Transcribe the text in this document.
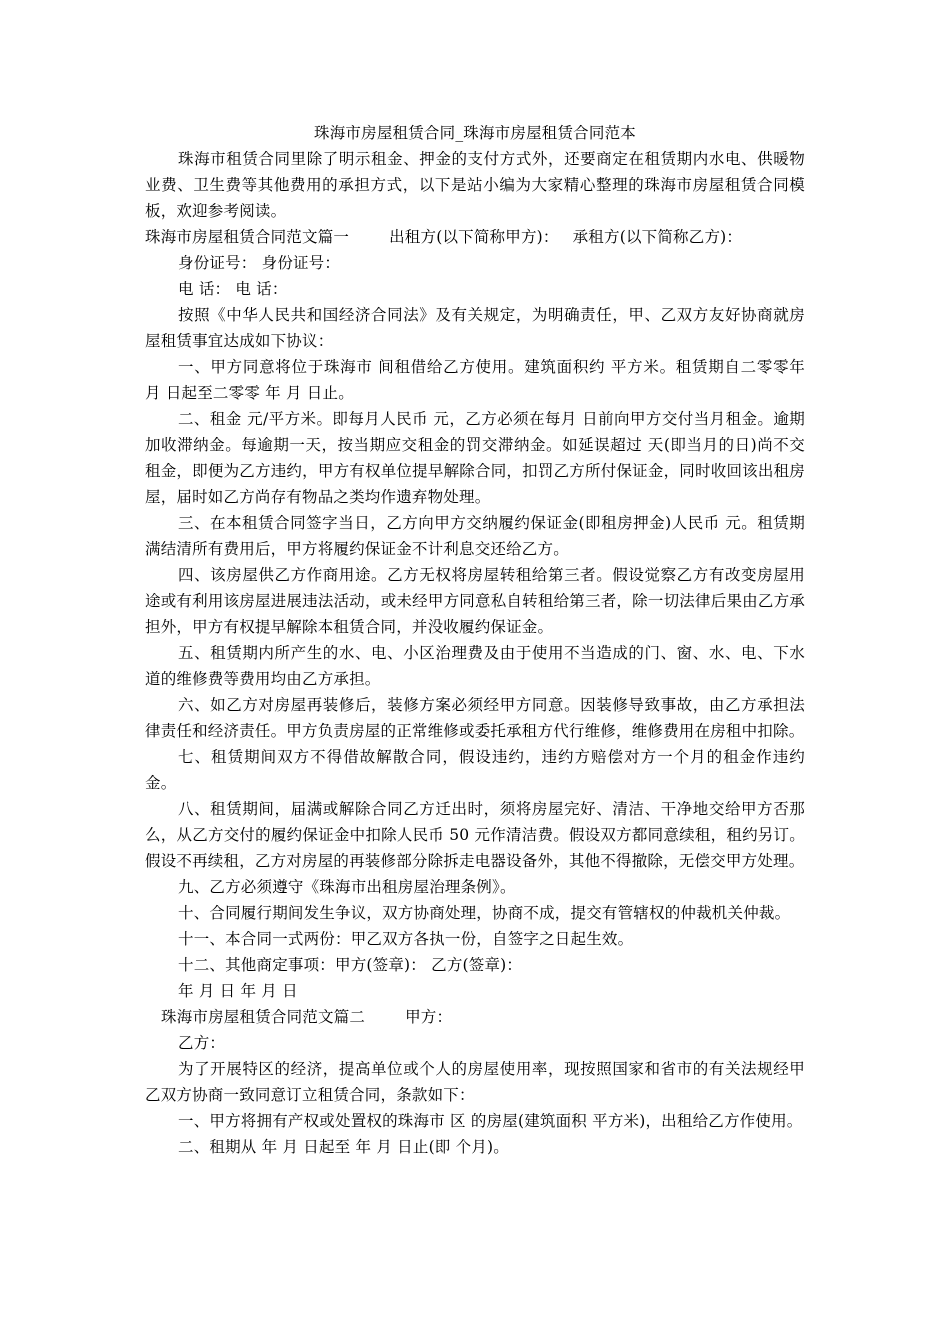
珠海市房屋租赁合同_珠海市房屋租赁合同范本

珠海市租赁合同里除了明示租金、押金的支付方式外，还要商定在租赁期内水电、供暖物业费、卫生费等其他费用的承担方式，以下是站小编为大家精心整理的珠海市房屋租赁合同模板，欢迎参考阅读。

珠海市房屋租赁合同范文篇一	出租方(以下简称甲方)： 承租方(以下简称乙方)：

身份证号： 身份证号：

电 话： 电 话：

按照《中华人民共和国经济合同法》及有关规定，为明确责任，甲、乙双方友好协商就房屋租赁事宜达成如下协议：

一、甲方同意将位于珠海市 间租借给乙方使用。建筑面积约 平方米。租赁期自二零零年 月 日起至二零零 年 月 日止。

二、租金 元/平方米。即每月人民币 元，乙方必须在每月 日前向甲方交付当月租金。逾期加收滞纳金。每逾期一天，按当期应交租金的罚交滞纳金。如延误超过 天(即当月的日)尚不交租金，即便为乙方违约，甲方有权单位提早解除合同，扣罚乙方所付保证金，同时收回该出租房屋，届时如乙方尚存有物品之类均作遗弃物处理。

三、在本租赁合同签字当日，乙方向甲方交纳履约保证金(即租房押金)人民币 元。租赁期满结清所有费用后，甲方将履约保证金不计利息交还给乙方。

四、该房屋供乙方作商用途。乙方无权将房屋转租给第三者。假设觉察乙方有改变房屋用途或有利用该房屋进展违法活动，或未经甲方同意私自转租给第三者，除一切法律后果由乙方承担外，甲方有权提早解除本租赁合同，并没收履约保证金。

五、租赁期内所产生的水、电、小区治理费及由于使用不当造成的门、窗、水、电、下水道的维修费等费用均由乙方承担。

六、如乙方对房屋再装修后，装修方案必须经甲方同意。因装修导致事故，由乙方承担法律责任和经济责任。甲方负责房屋的正常维修或委托承租方代行维修，维修费用在房租中扣除。

七、租赁期间双方不得借故解散合同，假设违约，违约方赔偿对方一个月的租金作违约金。

八、租赁期间，届满或解除合同乙方迁出时，须将房屋完好、清洁、干净地交给甲方否那么，从乙方交付的履约保证金中扣除人民币 50 元作清洁费。假设双方都同意续租，租约另订。假设不再续租，乙方对房屋的再装修部分除拆走电器设备外，其他不得撤除，无偿交甲方处理。

九、乙方必须遵守《珠海市出租房屋治理条例》。

十、合同履行期间发生争议，双方协商处理，协商不成，提交有管辖权的仲裁机关仲裁。

十一、本合同一式两份：甲乙双方各执一份，自签字之日起生效。

十二、其他商定事项：甲方(签章)： 乙方(签章)：

年 月 日 年 月 日

珠海市房屋租赁合同范文篇二	甲方：

乙方：

为了开展特区的经济，提高单位或个人的房屋使用率，现按照国家和省市的有关法规经甲乙双方协商一致同意订立租赁合同，条款如下：

一、甲方将拥有产权或处置权的珠海市 区 的房屋(建筑面积 平方米)，出租给乙方作使用。

二、租期从 年 月 日起至 年 月 日止(即 个月)。
